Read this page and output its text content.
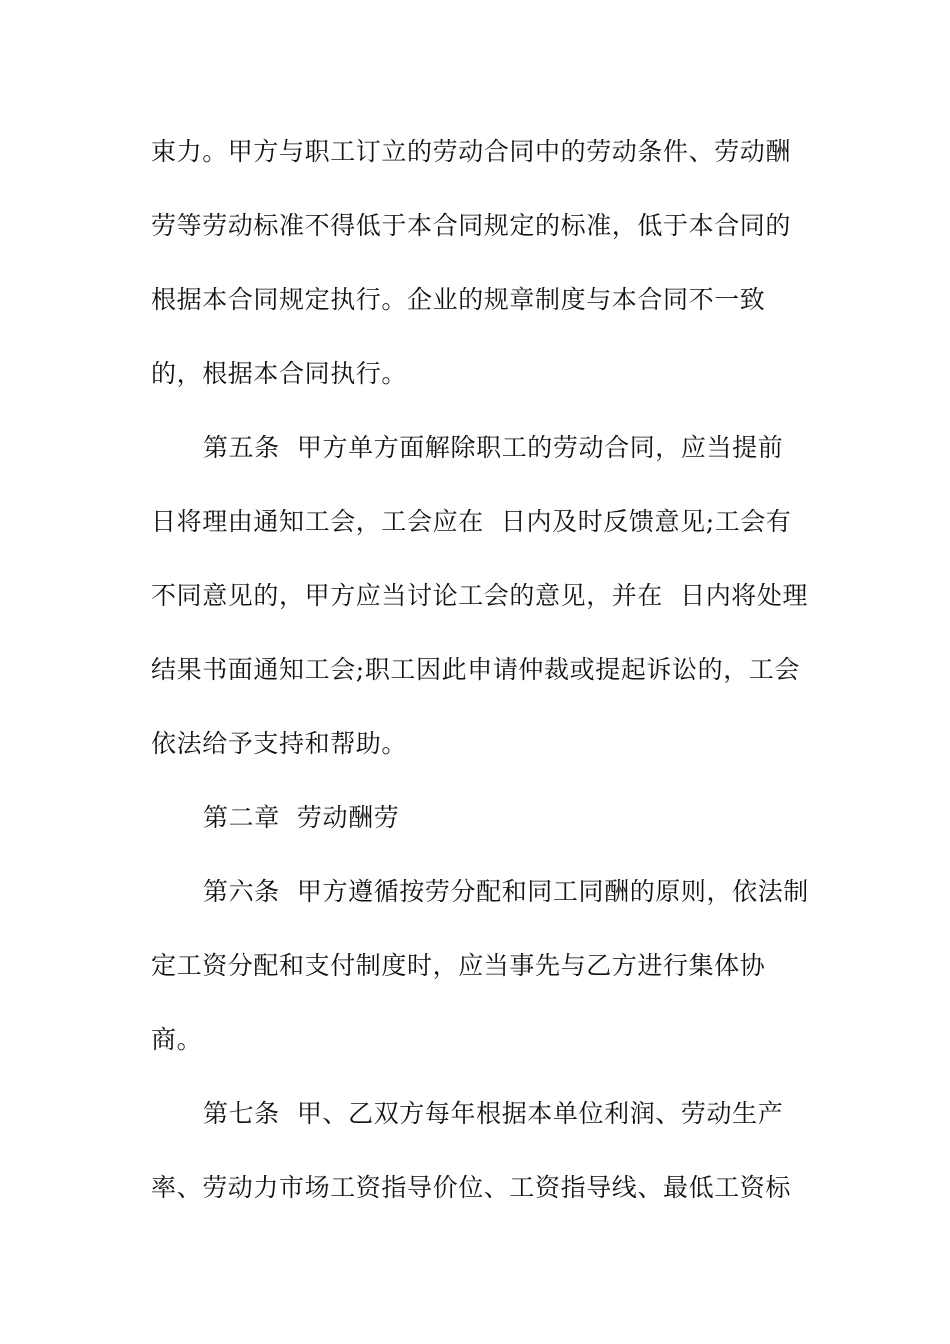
束力。甲方与职工订立的劳动合同中的劳动条件、劳动酬
劳等劳动标准不得低于本合同规定的标准，低于本合同的
根据本合同规定执行。企业的规章制度与本合同不一致
的，根据本合同执行。
第五条  甲方单方面解除职工的劳动合同，应当提前
日将理由通知工会，工会应在  日内及时反馈意见;工会有
不同意见的，甲方应当讨论工会的意见，并在  日内将处理
结果书面通知工会;职工因此申请仲裁或提起诉讼的，工会
依法给予支持和帮助。
第二章  劳动酬劳
第六条  甲方遵循按劳分配和同工同酬的原则，依法制
定工资分配和支付制度时，应当事先与乙方进行集体协
商。
第七条  甲、乙双方每年根据本单位利润、劳动生产
率、劳动力市场工资指导价位、工资指导线、最低工资标
